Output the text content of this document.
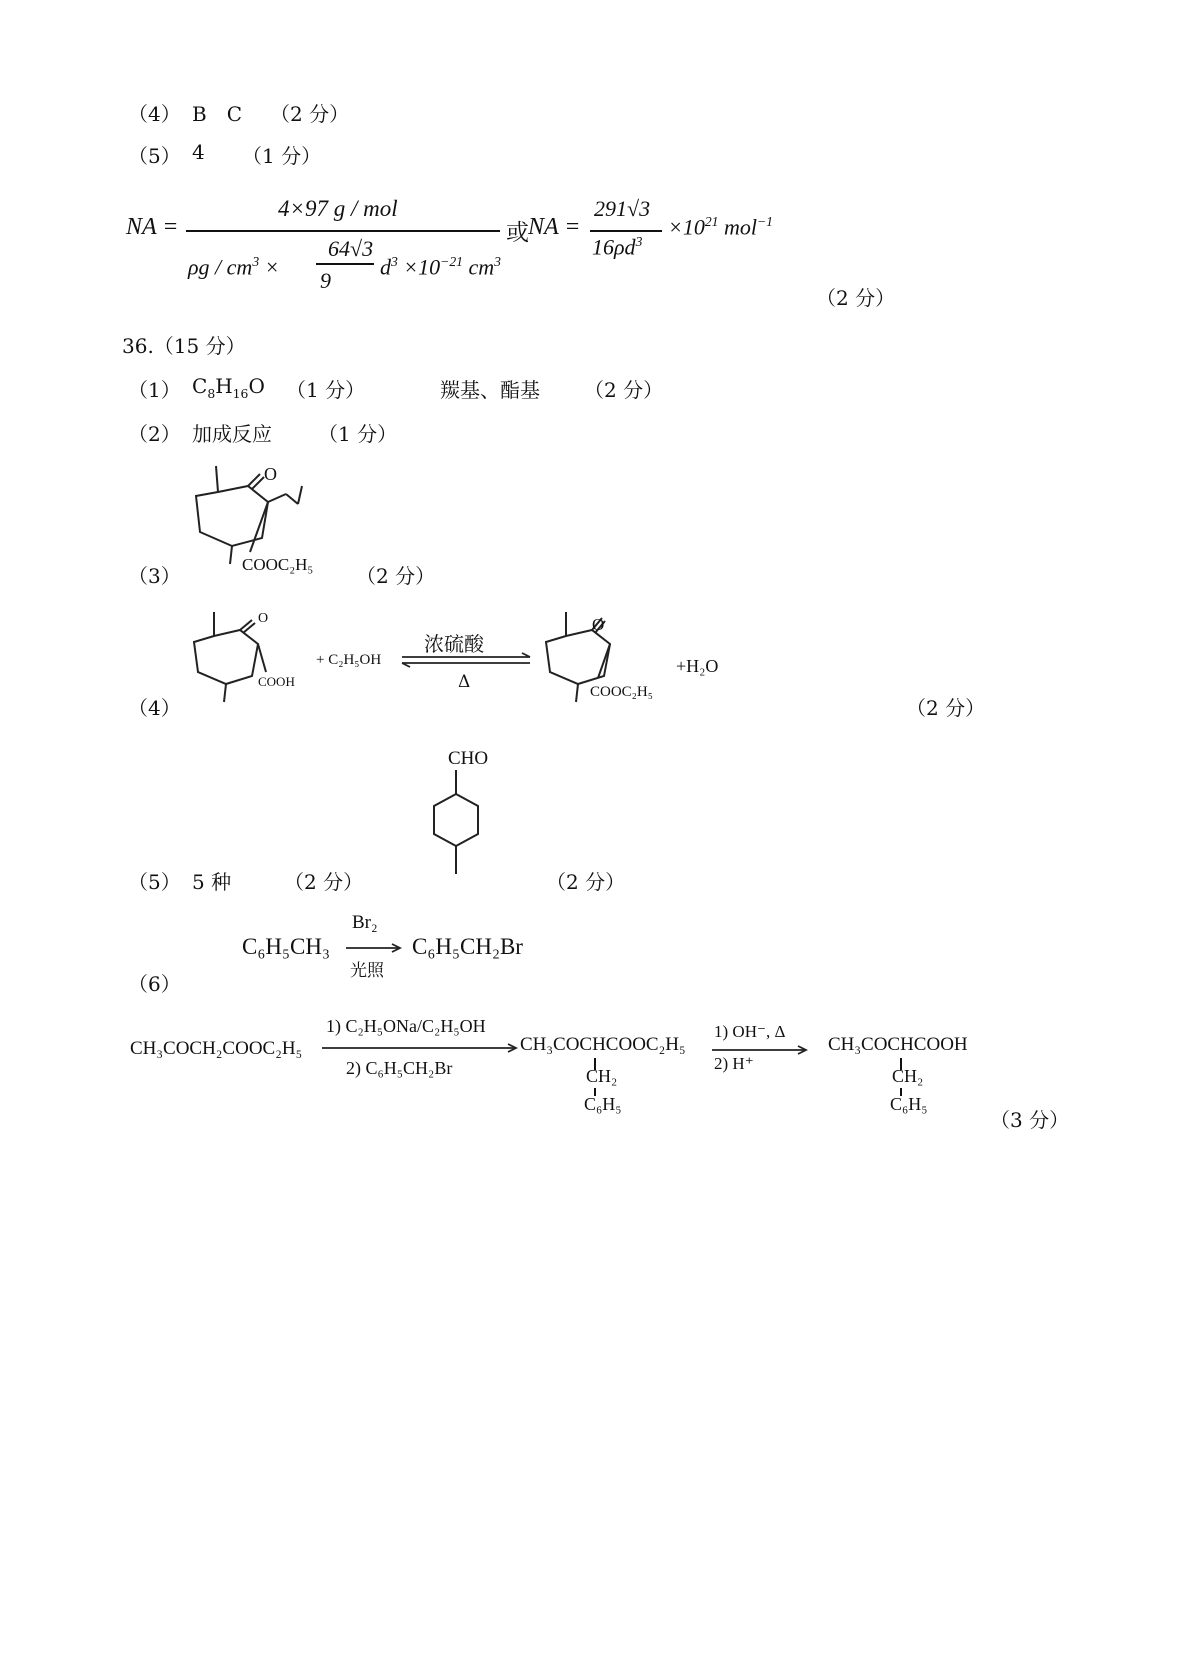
（4） B　C （2 分）
（5） 4 （1 分）
NA =
4×97 g / mol
ρg / $cm^3$ ×
64√3
9
$d^3 \times 10^{-21}$ $cm^3$
或 NA =
291√3
$16\rho d^3$
$\times 10^{21}$ mol$^{-1}$
（2 分）
36.（15 分）
（1） $C_8H_{16}O$ （1 分）	羰基、酯基 （2 分）
（2） 加成反应 （1 分）
（3）
O
COOC₂H₅ （2 分）
（4）
O
COOH
+ C₂H₅OH
浓硫酸
Δ
O
COOC₂H₅
+H₂O
（2 分）
（5） 5 种	（2 分）
CHO
（2 分）
（6）
C₆H₅CH₃
Br₂
光照
C₆H₅CH₂Br
CH₃COCH₂COOC₂H₅
1) C₂H₅ONa/C₂H₅OH
2) C₆H₅CH₂Br
CH₃COCHCOOC₂H₅
CH₂
C₆H₅
1) OH⁻, Δ
2) H⁺
CH₃COCHCOOH
CH₂
C₆H₅
（3 分）
